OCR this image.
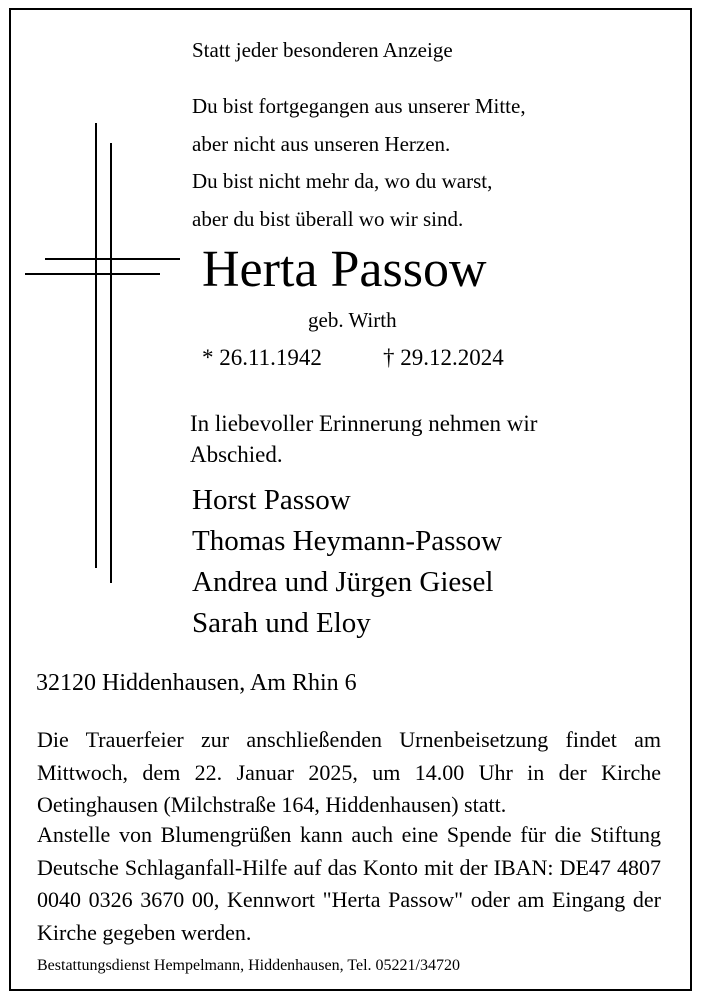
Statt jeder besonderen Anzeige
Du bist fortgegangen aus unserer Mitte,
aber nicht aus unseren Herzen.
Du bist nicht mehr da, wo du warst,
aber du bist überall wo wir sind.
Herta Passow
geb. Wirth
* 26.11.1942	† 29.12.2024
In liebevoller Erinnerung nehmen wir
Abschied.
Horst Passow
Thomas Heymann-Passow
Andrea und Jürgen Giesel
Sarah und Eloy
32120 Hiddenhausen, Am Rhin 6
Die Trauerfeier zur anschließenden Urnenbeisetzung findet am Mittwoch, dem 22. Januar 2025, um 14.00 Uhr in der Kirche Oetinghausen (Milchstraße 164, Hiddenhausen) statt.
Anstelle von Blumengrüßen kann auch eine Spende für die Stiftung Deutsche Schlaganfall-Hilfe auf das Konto mit der IBAN: DE47 4807 0040 0326 3670 00, Kennwort "Herta Passow" oder am Eingang der Kirche gegeben werden.
Bestattungsdienst Hempelmann, Hiddenhausen, Tel. 05221/34720
